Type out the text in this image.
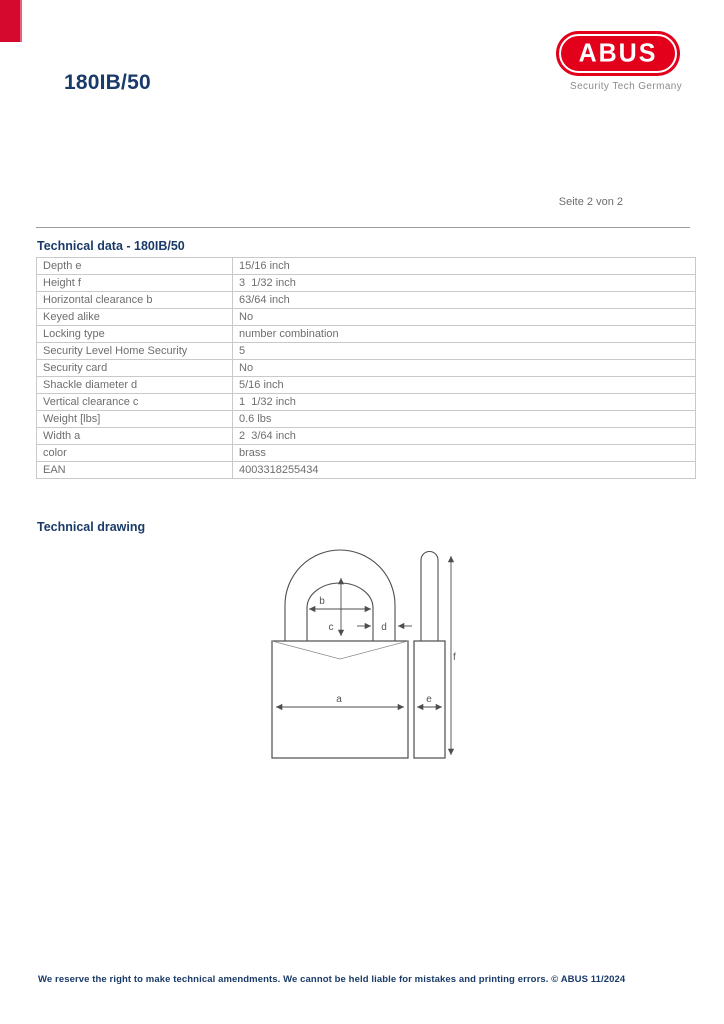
180IB/50
ABUS
Security Tech Germany
Seite 2 von 2
Technical data - 180IB/50
Depth e	15/16 inch
Height f	3  1/32 inch
Horizontal clearance b	63/64 inch
Keyed alike	No
Locking type	number combination
Security Level Home Security	5
Security card	No
Shackle diameter d	5/16 inch
Vertical clearance c	1  1/32 inch
Weight [lbs]	0.6 lbs
Width a	2  3/64 inch
color	brass
EAN	4003318255434
Technical drawing
b
c	d
a	e
f
We reserve the right to make technical amendments. We cannot be held liable for mistakes and printing errors. © ABUS 11/2024
